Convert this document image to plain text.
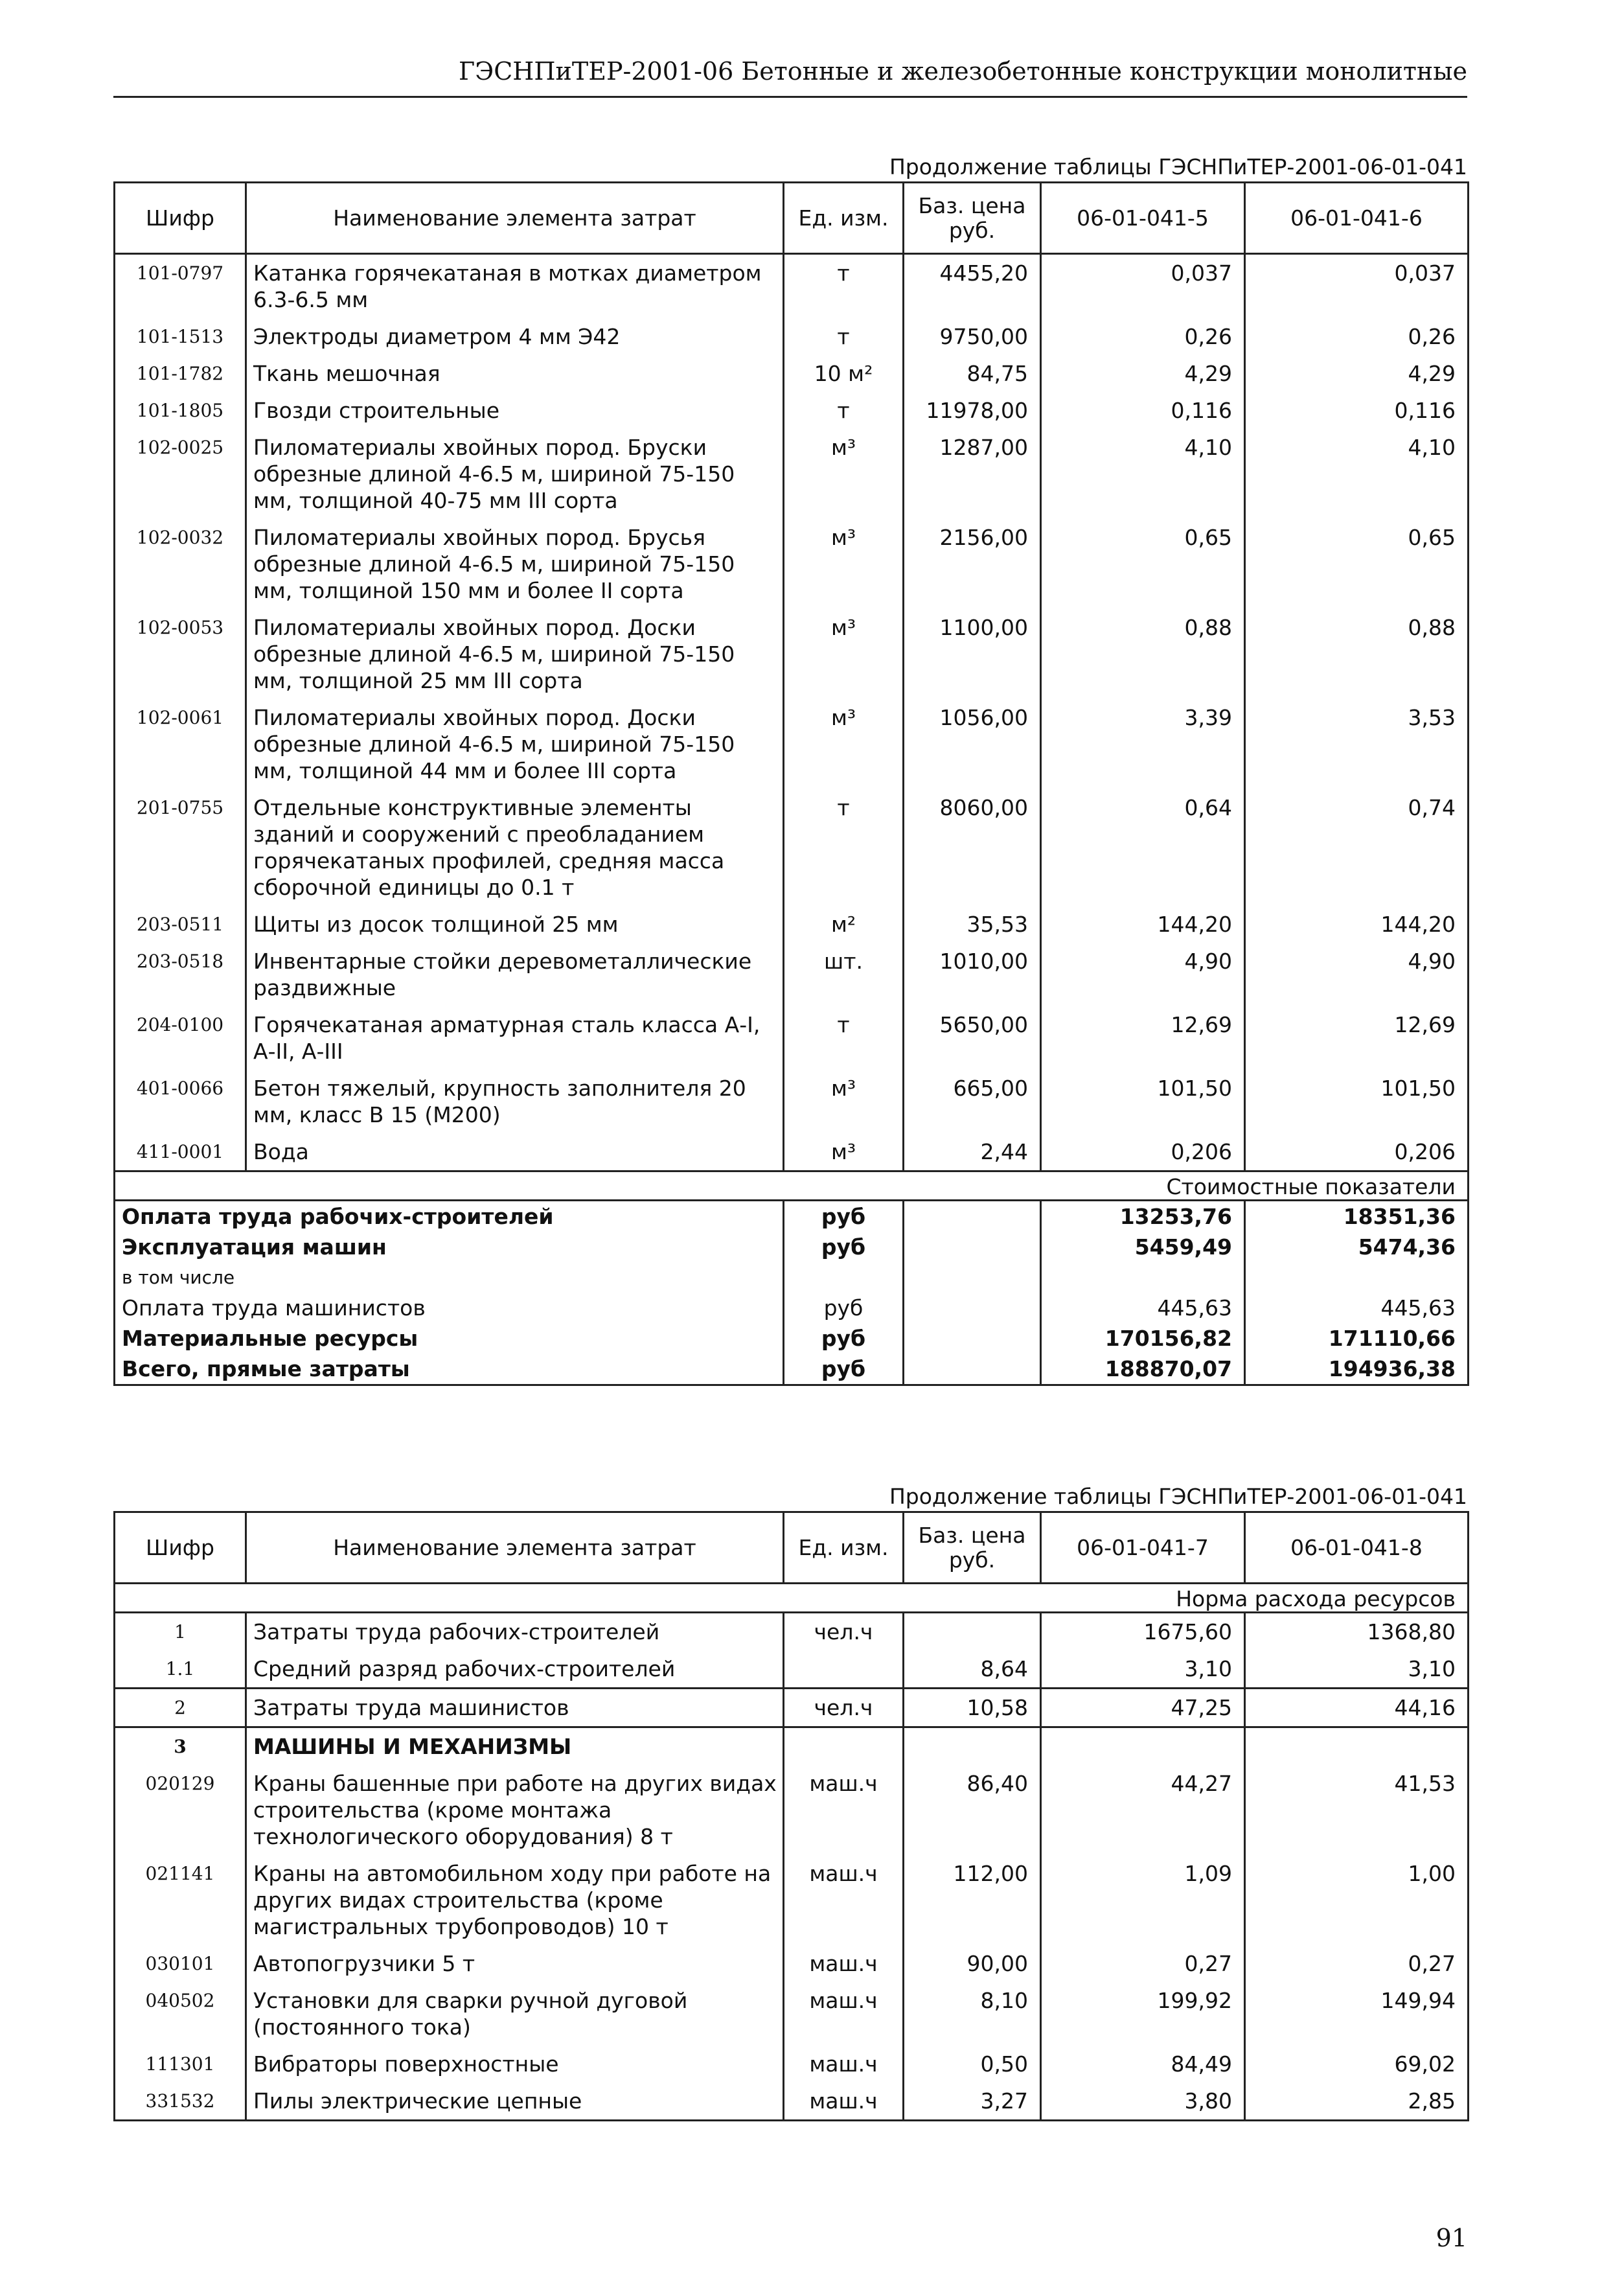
ГЭСНПиТЕР-2001-06 Бетонные и железобетонные конструкции монолитные
Продолжение таблицы ГЭСНПиТЕР-2001-06-01-041
Шифр	Наименование элемента затрат	Ед. изм.	Баз. цена руб.	06-01-041-5	06-01-041-6
101-0797	Катанка горячекатаная в мотках диаметром 6.3-6.5 мм	т	4455,20	0,037	0,037
101-1513	Электроды диаметром 4 мм Э42	т	9750,00	0,26	0,26
101-1782	Ткань мешочная	10 м²	84,75	4,29	4,29
101-1805	Гвозди строительные	т	11978,00	0,116	0,116
102-0025	Пиломатериалы хвойных пород. Бруски обрезные длиной 4-6.5 м, шириной 75-150 мм, толщиной 40-75 мм III сорта	м³	1287,00	4,10	4,10
102-0032	Пиломатериалы хвойных пород. Брусья обрезные длиной 4-6.5 м, шириной 75-150 мм, толщиной 150 мм и более II сорта	м³	2156,00	0,65	0,65
102-0053	Пиломатериалы хвойных пород. Доски обрезные длиной 4-6.5 м, шириной 75-150 мм, толщиной 25 мм III сорта	м³	1100,00	0,88	0,88
102-0061	Пиломатериалы хвойных пород. Доски обрезные длиной 4-6.5 м, шириной 75-150 мм, толщиной 44 мм и более III сорта	м³	1056,00	3,39	3,53
201-0755	Отдельные конструктивные элементы зданий и сооружений с преобладанием горячекатаных профилей, средняя масса сборочной единицы до 0.1 т	т	8060,00	0,64	0,74
203-0511	Щиты из досок толщиной 25 мм	м²	35,53	144,20	144,20
203-0518	Инвентарные стойки деревометаллические раздвижные	шт.	1010,00	4,90	4,90
204-0100	Горячекатаная арматурная сталь класса А-I, А-II, А-III	т	5650,00	12,69	12,69
401-0066	Бетон тяжелый, крупность заполнителя 20 мм, класс В 15 (М200)	м³	665,00	101,50	101,50
411-0001	Вода	м³	2,44	0,206	0,206
Стоимостные показатели					
Оплата труда рабочих-строителей		руб		13253,76	18351,36
Эксплуатация машин		руб		5459,49	5474,36
в том числе					
Оплата труда машинистов		руб		445,63	445,63
Материальные ресурсы		руб		170156,82	171110,66
Всего, прямые затраты		руб		188870,07	194936,38
Продолжение таблицы ГЭСНПиТЕР-2001-06-01-041
Шифр	Наименование элемента затрат	Ед. изм.	Баз. цена руб.	06-01-041-7	06-01-041-8
Норма расхода ресурсов					
1	Затраты труда рабочих-строителей	чел.ч		1675,60	1368,80
1.1	Средний разряд рабочих-строителей		8,64	3,10	3,10
2	Затраты труда машинистов	чел.ч	10,58	47,25	44,16
3	МАШИНЫ И МЕХАНИЗМЫ				
020129	Краны башенные при работе на других видах строительства (кроме монтажа технологического оборудования) 8 т	маш.ч	86,40	44,27	41,53
021141	Краны на автомобильном ходу при работе на других видах строительства (кроме магистральных трубопроводов) 10 т	маш.ч	112,00	1,09	1,00
030101	Автопогрузчики 5 т	маш.ч	90,00	0,27	0,27
040502	Установки для сварки ручной дуговой (постоянного тока)	маш.ч	8,10	199,92	149,94
111301	Вибраторы поверхностные	маш.ч	0,50	84,49	69,02
331532	Пилы электрические цепные	маш.ч	3,27	3,80	2,85
91
